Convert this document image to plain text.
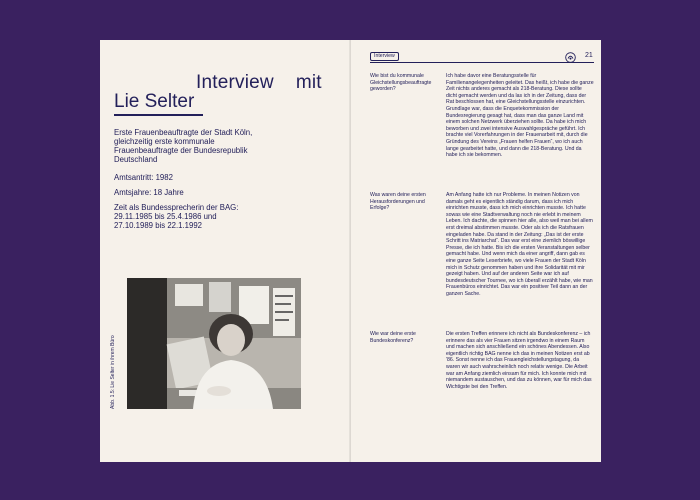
Interview mit
Lie Selter
Erste Frauenbeauftragte der Stadt Köln, gleichzeitig erste kommunale Frauenbeauftragte der Bundesrepublik Deutschland
Amtsantritt: 1982
Amtsjahre: 18 Jahre
Zeit als Bundessprecherin der BAG: 29.11.1985 bis 25.4.1986 und 27.10.1989 bis 22.1.1992
Abb. 1.5: Lie Selter in ihrem Büro
Interview	21
Wie bist du kommunale Gleichstellungsbeauftragte geworden?
Ich habe davor eine Beratungsstelle für Familienangelegenheiten geleitet. Das heißt, ich habe die ganze Zeit nichts anderes gemacht als 218-Beratung. Diese sollte dicht gemacht werden und da las ich in der Zeitung, dass der Rat beschlossen hat, eine Gleichstellungsstelle einzurichten. Grundlage war, dass die Enquetekommission der Bundesregierung gesagt hat, dass man das ganze Land mit einem solchen Netzwerk überziehen sollte. Da habe ich mich beworben und zwei intensive Auswahlgespräche geführt. Ich brachte viel Vorerfahrungen in der Frauenarbeit mit, durch die Gründung des Vereins „Frauen helfen Frauen“, wo ich auch lange gearbeitet hatte, und dann die 218-Beratung. Und da habe ich sie bekommen.
Was waren deine ersten Herausforderungen und Erfolge?
Am Anfang hatte ich nur Probleme. In meinen Notizen von damals geht es eigentlich ständig darum, dass ich mich einrichten musste, dass ich mich einrichten musste. Ich hatte sowas wie eine Stadtverwaltung noch nie erlebt in meinem Leben. Ich dachte, die spinnen hier alle, also weil man bei allem erst dreimal abstimmen musste. Oder als ich die Ratsfrauen eingeladen habe. Da stand in der Zeitung: „Das ist der erste Schritt ins Matriarchat“. Das war erst eine ziemlich böswillige Presse, die ich hatte. Bis ich die ersten Veranstaltungen selber gemacht habe. Und wenn mich da einer angriff, dann gab es eine ganze Seite Leserbriefe, wo viele Frauen der Stadt Köln mich in Schutz genommen haben und ihre Solidarität mit mir gezeigt haben. Und auf der anderen Seite war ich auf bundesdeutscher Tournee, wo ich überall erzählt habe, wie man Frauenbüros einrichtet. Das war ein positiver Teil dann an der ganzen Sache.
Wie war deine erste Bundeskonferenz?
Die ersten Treffen erinnere ich nicht als Bundeskonferenz – ich erinnere das als vier Frauen sitzen irgendwo in einem Raum und machen sich anschließend ein schönes Abendessen. Also eigentlich richtig BAG nenne ich das in meinen Notizen erst ab '86. Sonst nenne ich das Frauengleichstellungstagung, da waren wir auch wahrscheinlich noch relativ wenige. Die Arbeit war am Anfang ziemlich einsam für mich. Ich konnte mich mit niemandem austauschen, und das zu können, war für mich das Wichtigste bei den Treffen.
